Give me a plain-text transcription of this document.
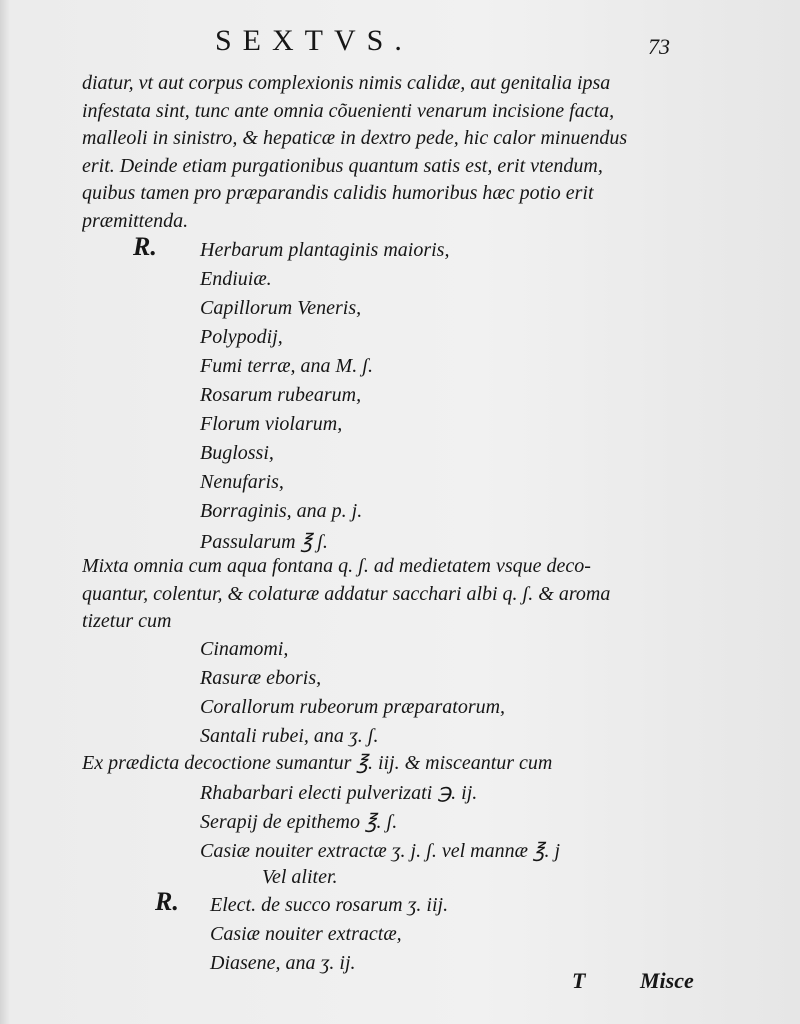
SEXTVS.	73
diatur, vt aut corpus complexionis nimis calidæ, aut genitalia ipsa
infestata sint, tunc ante omnia cõuenienti venarum incisione facta,
malleoli in sinistro, & hepaticæ in dextro pede, hic calor minuendus
erit. Deinde etiam purgationibus quantum satis est, erit vtendum,
quibus tamen pro præparandis calidis humoribus hæc potio erit
præmittenda.
R. Herbarum plantaginis maioris,
Endiuiæ.
Capillorum Veneris,
Polypodij,
Fumi terræ, ana M. ʃ.
Rosarum rubearum,
Florum violarum,
Buglossi,
Nenufaris,
Borraginis, ana p. j.
Passularum ℥ ʃ.
Mixta omnia cum aqua fontana q. ʃ. ad medietatem vsque deco-
quantur, colentur, & colaturæ addatur sacchari albi q. ʃ. & aroma
tizetur cum
Cinamomi,
Rasuræ eboris,
Corallorum rubeorum præparatorum,
Santali rubei, ana ʒ. ʃ.
Ex prædicta decoctione sumantur ℥. iij. & misceantur cum
Rhabarbari electi pulverizati ℈. ij.
Serapij de epithemo ℥. ʃ.
Casiæ nouiter extractæ ʒ. j. ʃ. vel mannæ ℥. j
Vel aliter.
R. Elect. de succo rosarum ʒ. iij.
Casiæ nouiter extractæ,
Diasene, ana ʒ. ij.
T Misce
